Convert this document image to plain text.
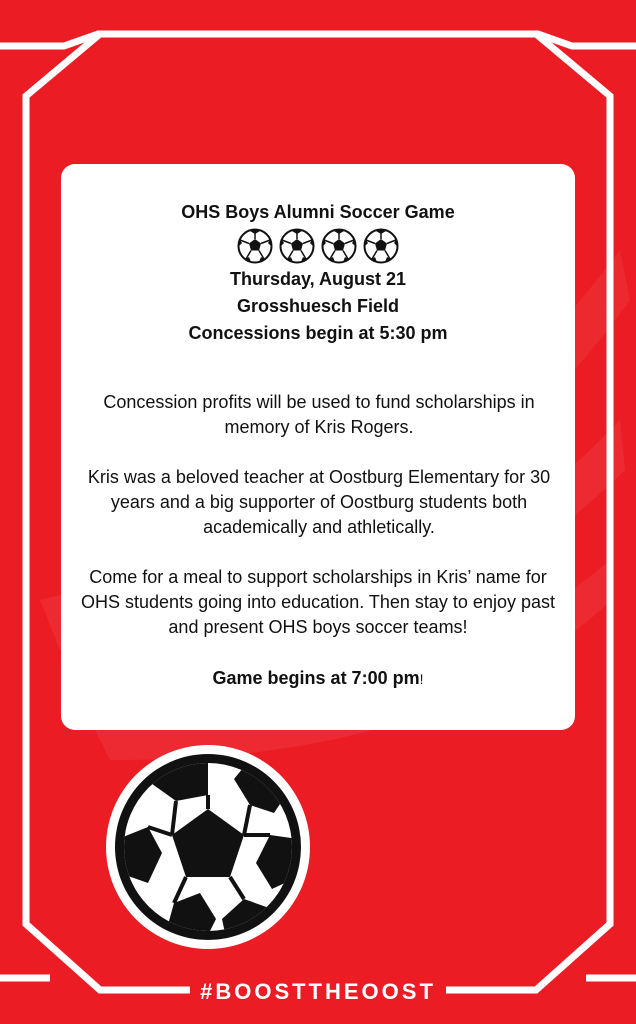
OHS Boys Alumni Soccer Game
Thursday, August 21
Grosshuesch Field
Concessions begin at 5:30 pm
Concession profits will be used to fund scholarships in memory of Kris Rogers.
Kris was a beloved teacher at Oostburg Elementary for 30 years and a big supporter of Oostburg students both academically and athletically.
Come for a meal to support scholarships in Kris’ name for OHS students going into education. Then stay to enjoy past and present OHS boys soccer teams!
Game begins at 7:00 pm!
#BOOSTTHEOOST
